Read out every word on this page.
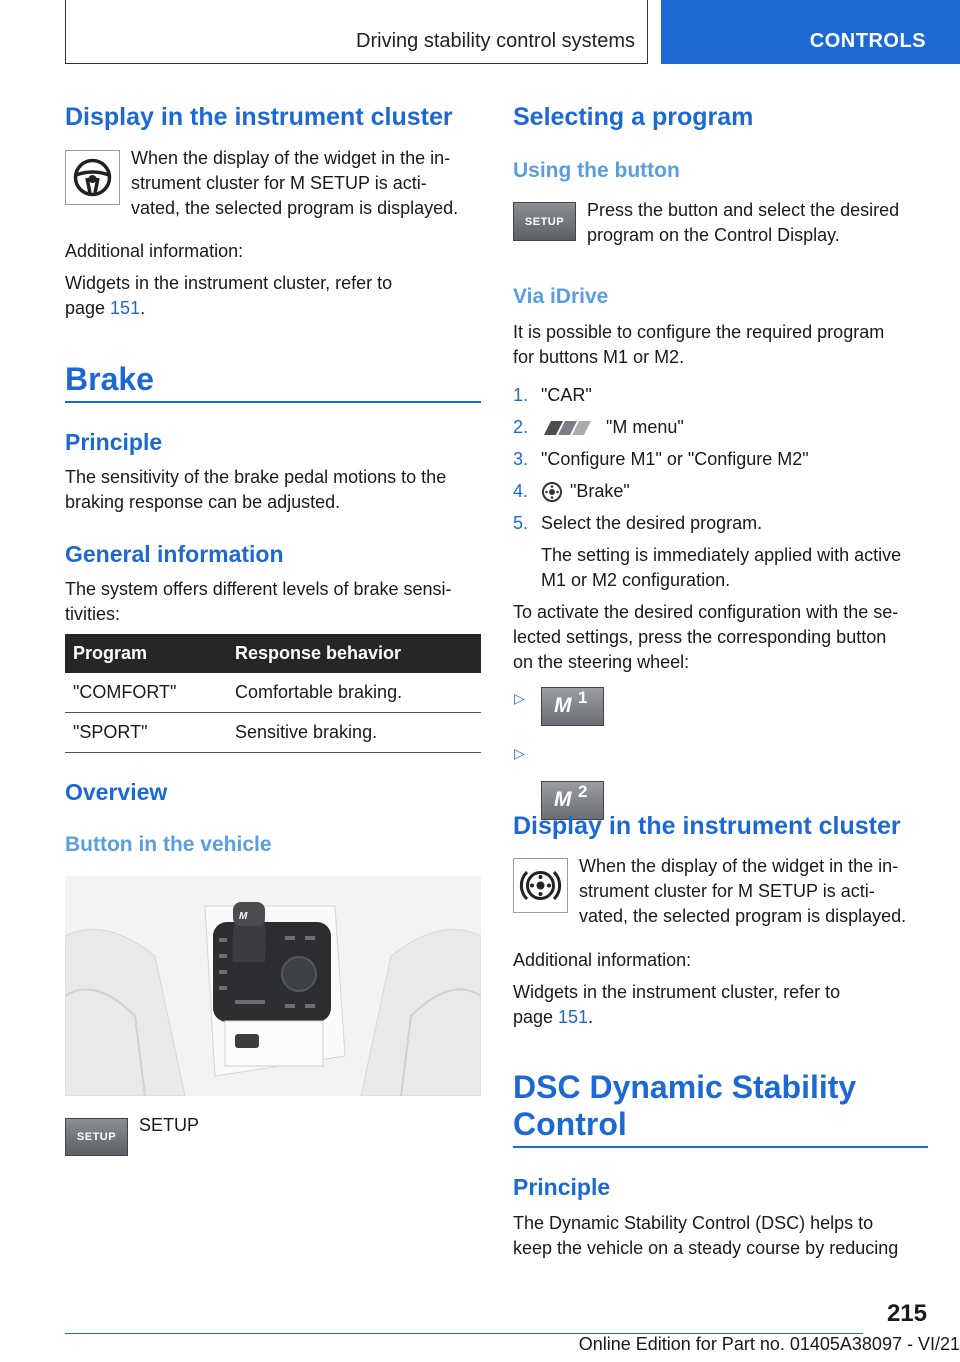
Driving stability control systems	CONTROLS
Display in the instrument cluster
When the display of the widget in the in-
strument cluster for M SETUP is acti-
vated, the selected program is displayed.
Additional information:
Widgets in the instrument cluster, refer to
page 151.
Brake
Principle
The sensitivity of the brake pedal motions to the
braking response can be adjusted.
General information
The system offers different levels of brake sensi-
tivities:
Program	Response behavior
"COMFORT"	Comfortable braking.
"SPORT"	Sensitive braking.
Overview
Button in the vehicle
M
SETUP
SETUP
Selecting a program
Using the button
SETUP
Press the button and select the desired
program on the Control Display.
Via iDrive
It is possible to configure the required program
for buttons M1 or M2.
1. "CAR"
2.	"M menu"
3. "Configure M1" or "Configure M2"
4. "Brake"
5. Select the desired program.
The setting is immediately applied with active
M1 or M2 configuration.
To activate the desired configuration with the se-
lected settings, press the corresponding button
on the steering wheel:
▷ M 1
▷
M 2
Display in the instrument cluster
When the display of the widget in the in-
strument cluster for M SETUP is acti-
vated, the selected program is displayed.
Additional information:
Widgets in the instrument cluster, refer to
page 151.
DSC Dynamic Stability
Control
Principle
The Dynamic Stability Control (DSC) helps to
keep the vehicle on a steady course by reducing
215
Online Edition for Part no. 01405A38097 - VI/21
